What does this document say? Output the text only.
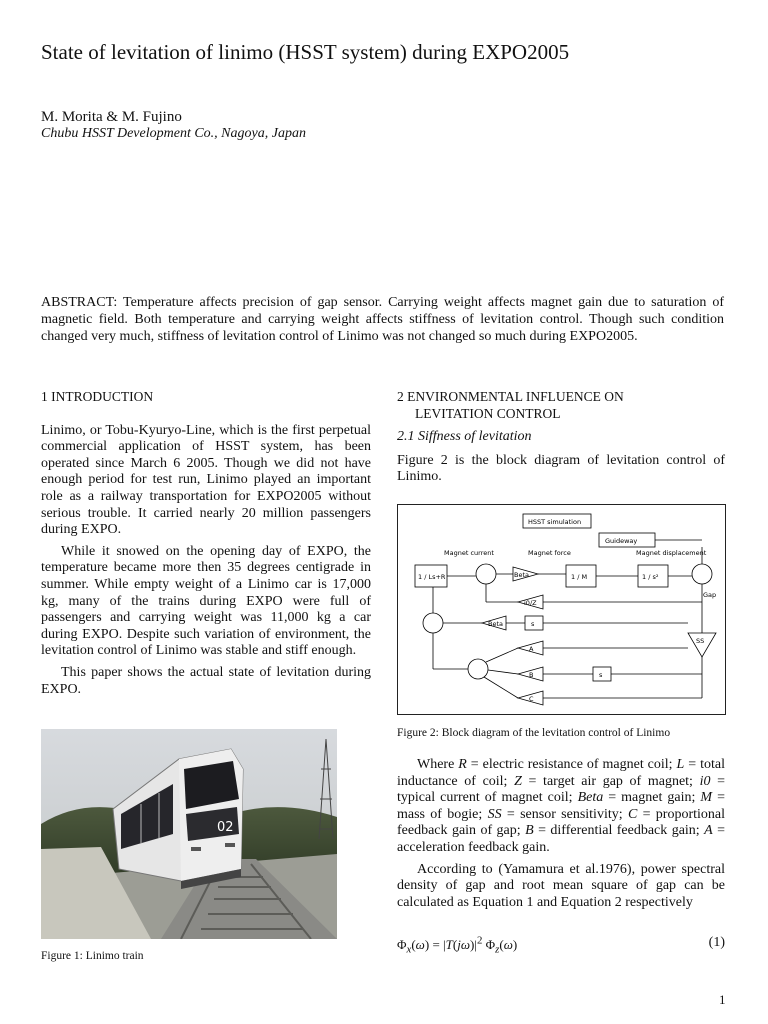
State of levitation of linimo (HSST system) during EXPO2005
M. Morita & M. Fujino
Chubu HSST Development Co., Nagoya, Japan
ABSTRACT: Temperature affects precision of gap sensor. Carrying weight affects magnet gain due to saturation of magnetic field. Both temperature and carrying weight affects stiffness of levitation control. Though such condition changed very much, stiffness of levitation control of Linimo was not changed so much during EXPO2005.
1 INTRODUCTION

Linimo, or Tobu-Kyuryo-Line, which is the first perpetual commercial application of HSST system, has been operated since March 6 2005. Though we did not have enough period for test run, Linimo played an important role as a railway transportation for EXPO2005 without serious trouble. It carried nearly 20 million passengers during EXPO.

While it snowed on the opening day of EXPO, the temperature became more then 35 degrees centigrade in summer. While empty weight of a Linimo car is 17,000 kg, many of the trains during EXPO were full of passengers and carrying weight was 11,000 kg a car during EXPO. Despite such variation of environment, the levitation control of Linimo was stable and stiff enough.

This paper shows the actual state of levitation during EXPO.

02
Figure 1: Linimo train
2 ENVIRONMENTAL INFLUENCE ON
LEVITATION CONTROL
2.1 Siffness of levitation

Figure 2 is the block diagram of levitation control of Linimo.

HSST simulation
Guideway
Magnet current	Magnet force	Magnet displacement
1 / Ls+R	Beta	1 / M	1 / s²
i0/Z
Gap
Beta	s
SS
A
B
C
s
Figure 2: Block diagram of the levitation control of Linimo

Where R = electric resistance of magnet coil; L = total inductance of coil; Z = target air gap of magnet; i0 = typical current of magnet coil; Beta = magnet gain; M = mass of bogie; SS = sensor sensitivity; C = proportional feedback gain of gap; B = differential feedback gain; A = acceleration feedback gain.

According to (Yamamura et al.1976), power spectral density of gap and root mean square of gap can be calculated as Equation 1 and Equation 2 respectively

$\Phi_x(\omega) = |T(j\omega)|^2$ $\Phi_z(\omega)$	(1)
1
